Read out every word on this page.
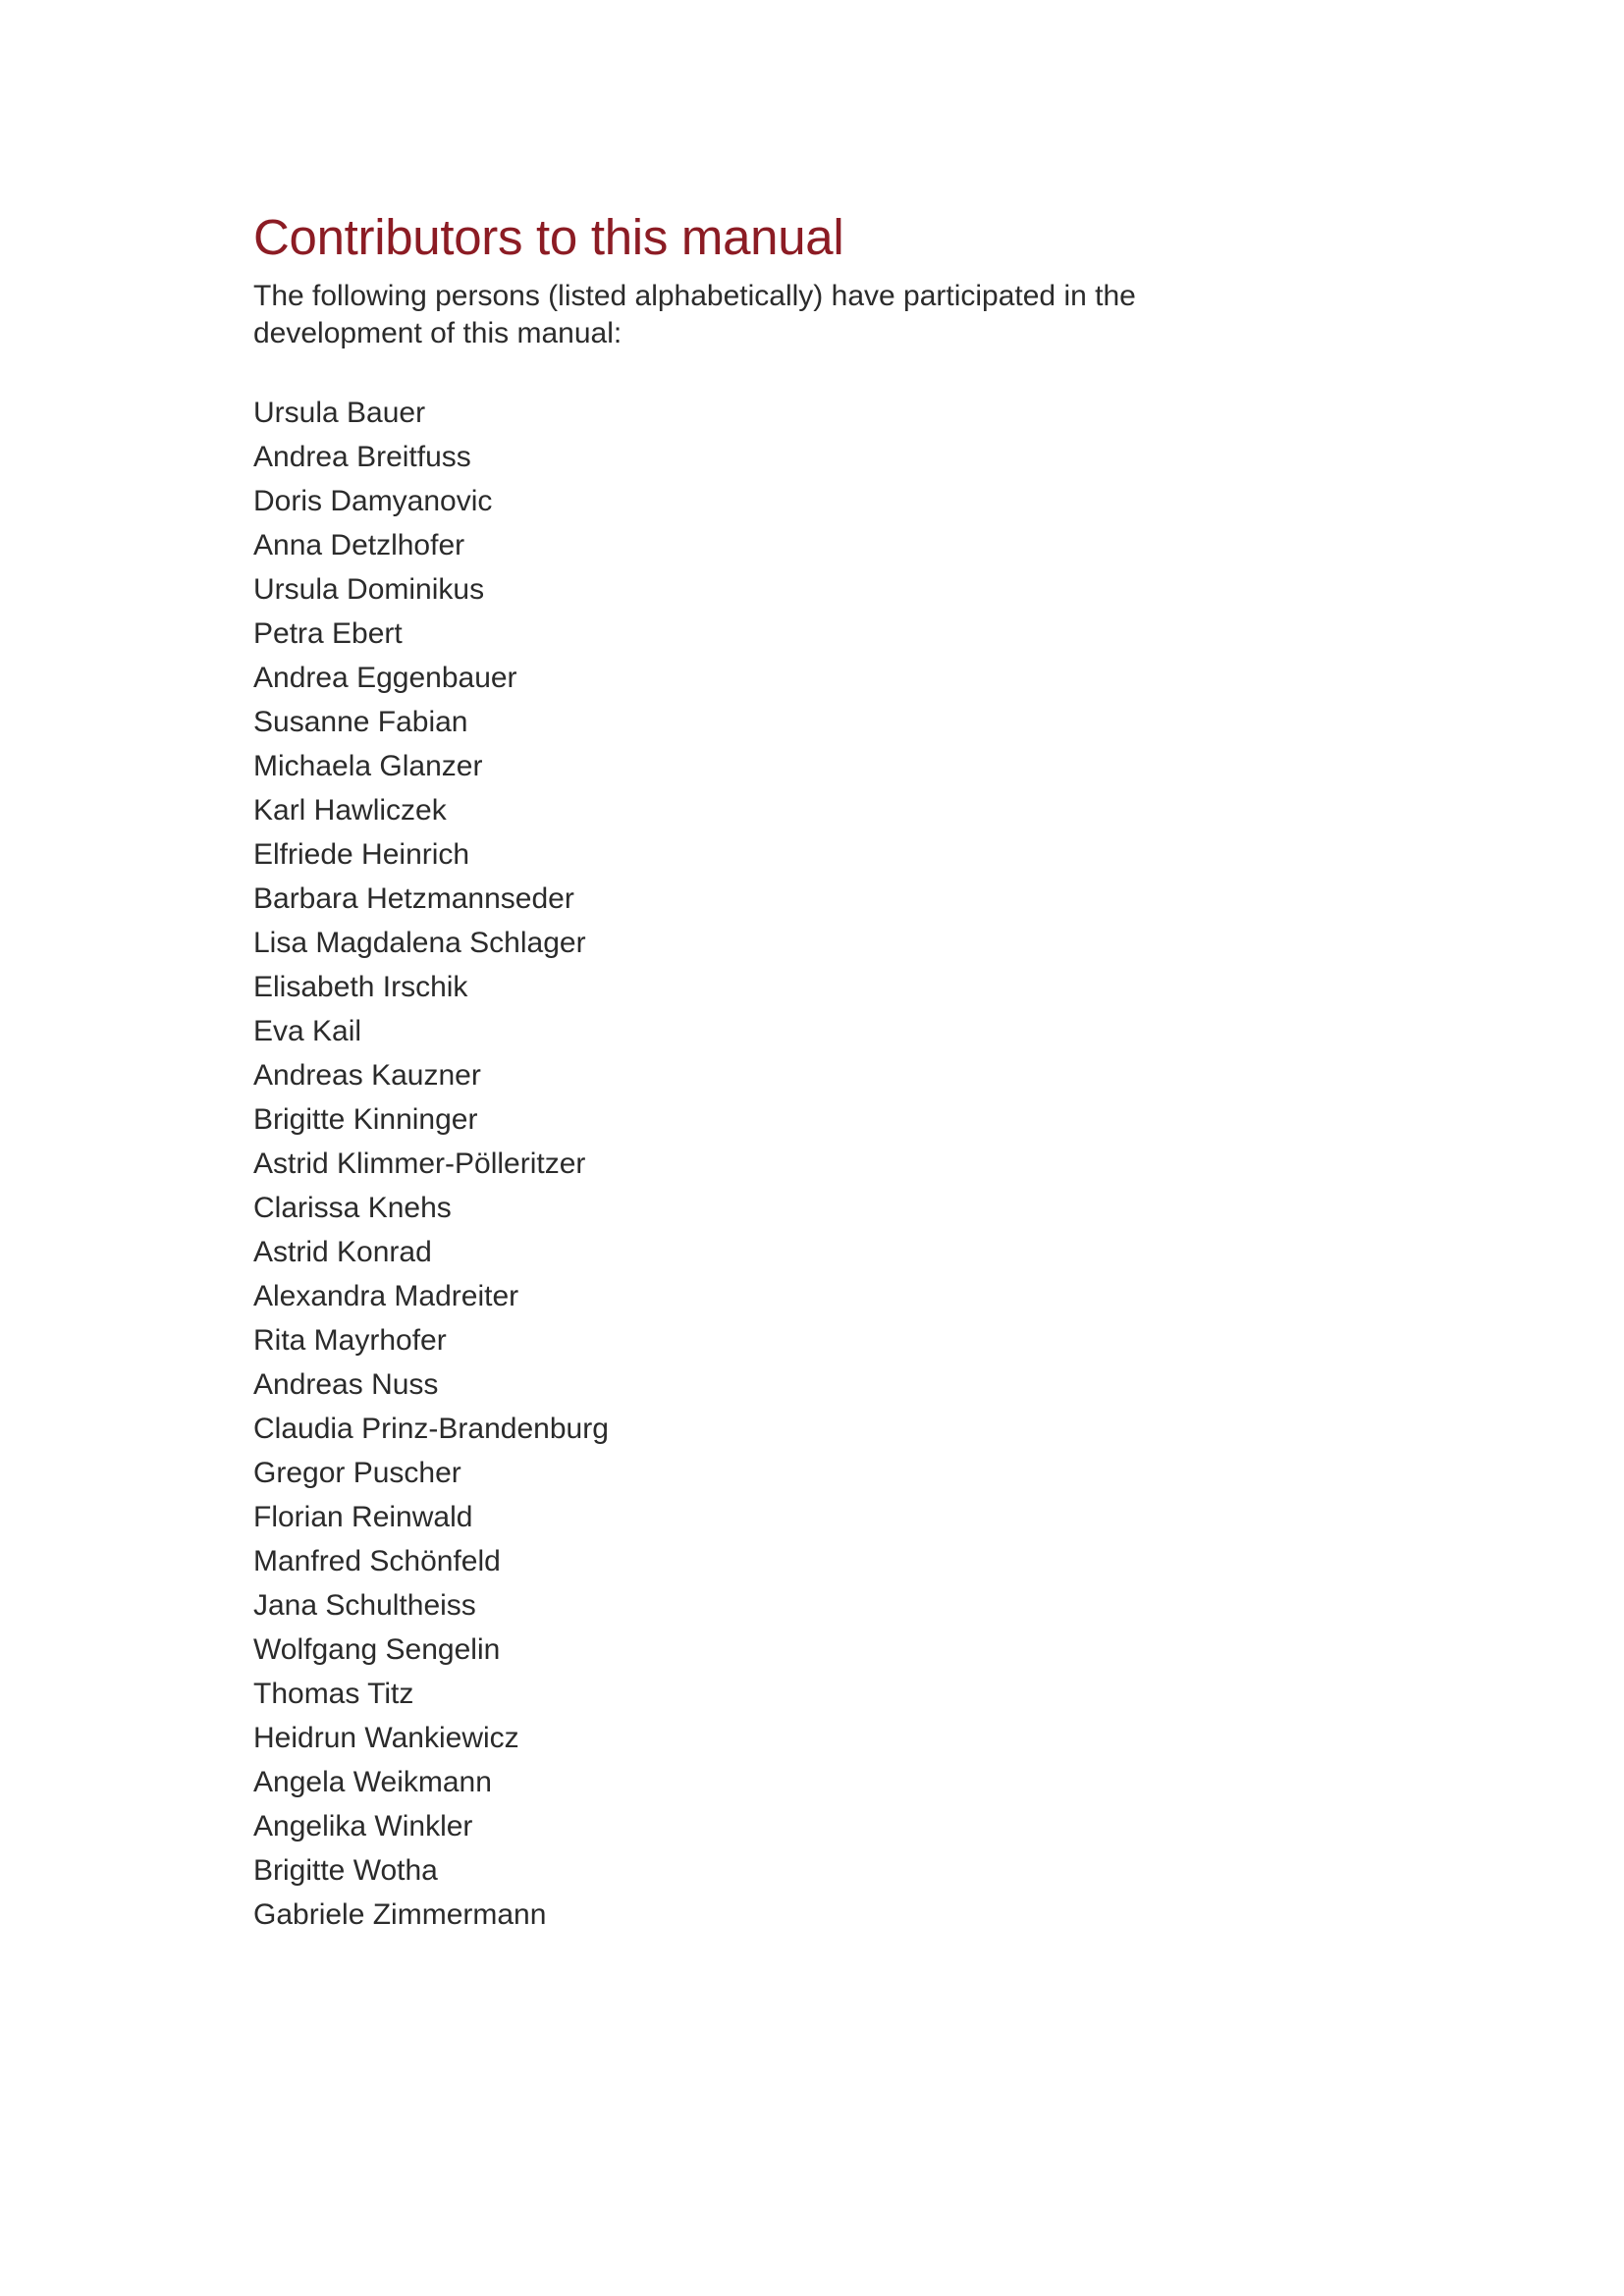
Contributors to this manual

The following persons (listed alphabetically) have participated in the development of this manual:

Ursula Bauer
Andrea Breitfuss
Doris Damyanovic
Anna Detzlhofer
Ursula Dominikus
Petra Ebert
Andrea Eggenbauer
Susanne Fabian
Michaela Glanzer
Karl Hawliczek
Elfriede Heinrich
Barbara Hetzmannseder
Lisa Magdalena Schlager
Elisabeth Irschik
Eva Kail
Andreas Kauzner
Brigitte Kinninger
Astrid Klimmer-Pölleritzer
Clarissa Knehs
Astrid Konrad
Alexandra Madreiter
Rita Mayrhofer
Andreas Nuss
Claudia Prinz-Brandenburg
Gregor Puscher
Florian Reinwald
Manfred Schönfeld
Jana Schultheiss
Wolfgang Sengelin
Thomas Titz
Heidrun Wankiewicz
Angela Weikmann
Angelika Winkler
Brigitte Wotha
Gabriele Zimmermann
